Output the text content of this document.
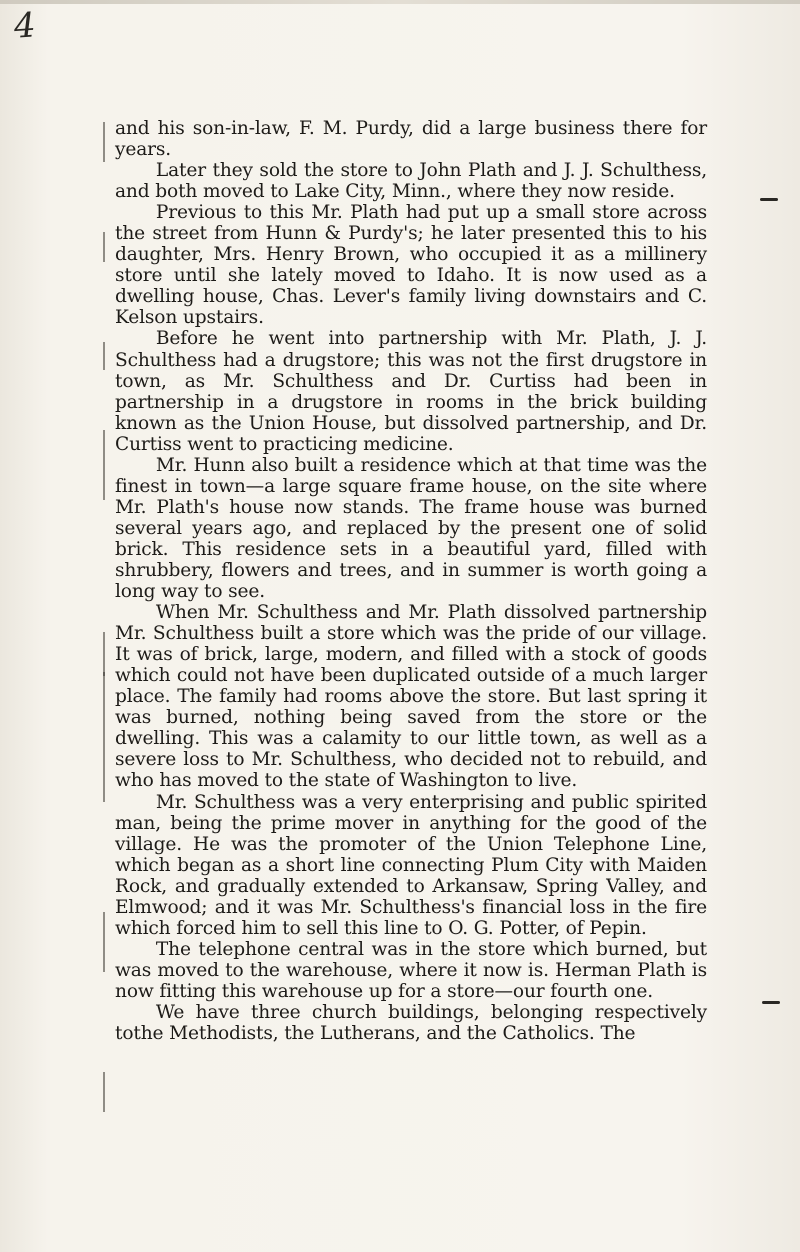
4

and his son-in-law, F. M. Purdy, did a large business there for years.

Later they sold the store to John Plath and J. J. Schulthess, and both moved to Lake City, Minn., where they now reside.

Previous to this Mr. Plath had put up a small store across the street from Hunn & Purdy's; he later presented this to his daughter, Mrs. Henry Brown, who occupied it as a millinery store until she lately moved to Idaho. It is now used as a dwelling house, Chas. Lever's family living downstairs and C. Kelson upstairs.

Before he went into partnership with Mr. Plath, J. J. Schulthess had a drugstore; this was not the first drugstore in town, as Mr. Schulthess and Dr. Curtiss had been in partnership in a drugstore in rooms in the brick building known as the Union House, but dissolved partnership, and Dr. Curtiss went to practicing medicine.

Mr. Hunn also built a residence which at that time was the finest in town—a large square frame house, on the site where Mr. Plath's house now stands. The frame house was burned several years ago, and replaced by the present one of solid brick. This residence sets in a beautiful yard, filled with shrubbery, flowers and trees, and in summer is worth going a long way to see.

When Mr. Schulthess and Mr. Plath dissolved partnership Mr. Schulthess built a store which was the pride of our village. It was of brick, large, modern, and filled with a stock of goods which could not have been duplicated outside of a much larger place. The family had rooms above the store. But last spring it was burned, nothing being saved from the store or the dwelling. This was a calamity to our little town, as well as a severe loss to Mr. Schulthess, who decided not to rebuild, and who has moved to the state of Washington to live.

Mr. Schulthess was a very enterprising and public spirited man, being the prime mover in anything for the good of the village. He was the promoter of the Union Telephone Line, which began as a short line connecting Plum City with Maiden Rock, and gradually extended to Arkansaw, Spring Valley, and Elmwood; and it was Mr. Schulthess's financial loss in the fire which forced him to sell this line to O. G. Potter, of Pepin.

The telephone central was in the store which burned, but was moved to the warehouse, where it now is. Herman Plath is now fitting this warehouse up for a store—our fourth one.

We have three church buildings, belonging respectively tothe Methodists, the Lutherans, and the Catholics. The
